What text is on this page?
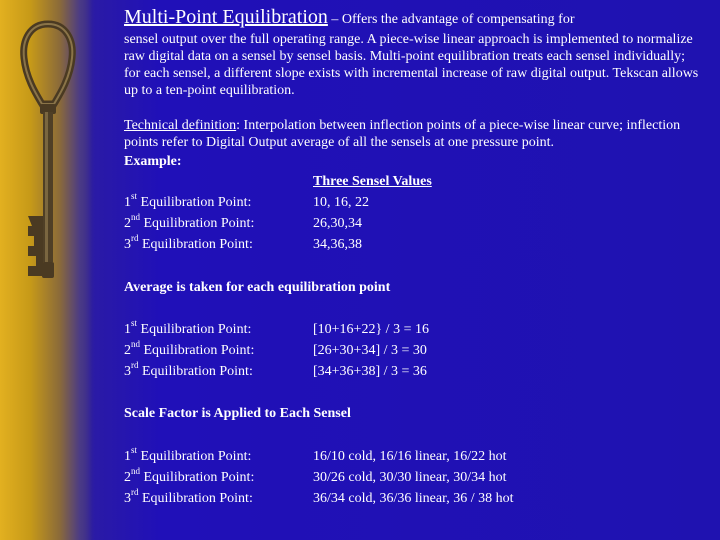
Multi-Point Equilibration – Offers the advantage of compensating for

sensel output over the full operating range. A piece-wise linear approach is implemented to normalize raw digital data on a sensel by sensel basis. Multi-point equilibration treats each sensel individually; for each sensel, a different slope exists with incremental increase of raw digital output. Tekscan allows up to a ten-point equilibration.

Technical definition: Interpolation between inflection points of a piece-wise linear curve; inflection points refer to Digital Output average of all the sensels at one pressure point.

Example:
Three Sensel Values
1st Equilibration Point:	10, 16, 22
2nd Equilibration Point:	26,30,34
3rd Equilibration Point:	34,36,38
Average is taken for each equilibration point
1st Equilibration Point:	[10+16+22} / 3 = 16
2nd Equilibration Point:	[26+30+34] / 3 = 30
3rd Equilibration Point:	[34+36+38] / 3 = 36
Scale Factor is Applied to Each Sensel
1st Equilibration Point:	16/10 cold, 16/16 linear, 16/22 hot
2nd Equilibration Point:	30/26 cold, 30/30 linear, 30/34 hot
3rd Equilibration Point:	36/34 cold, 36/36 linear, 36 / 38 hot
